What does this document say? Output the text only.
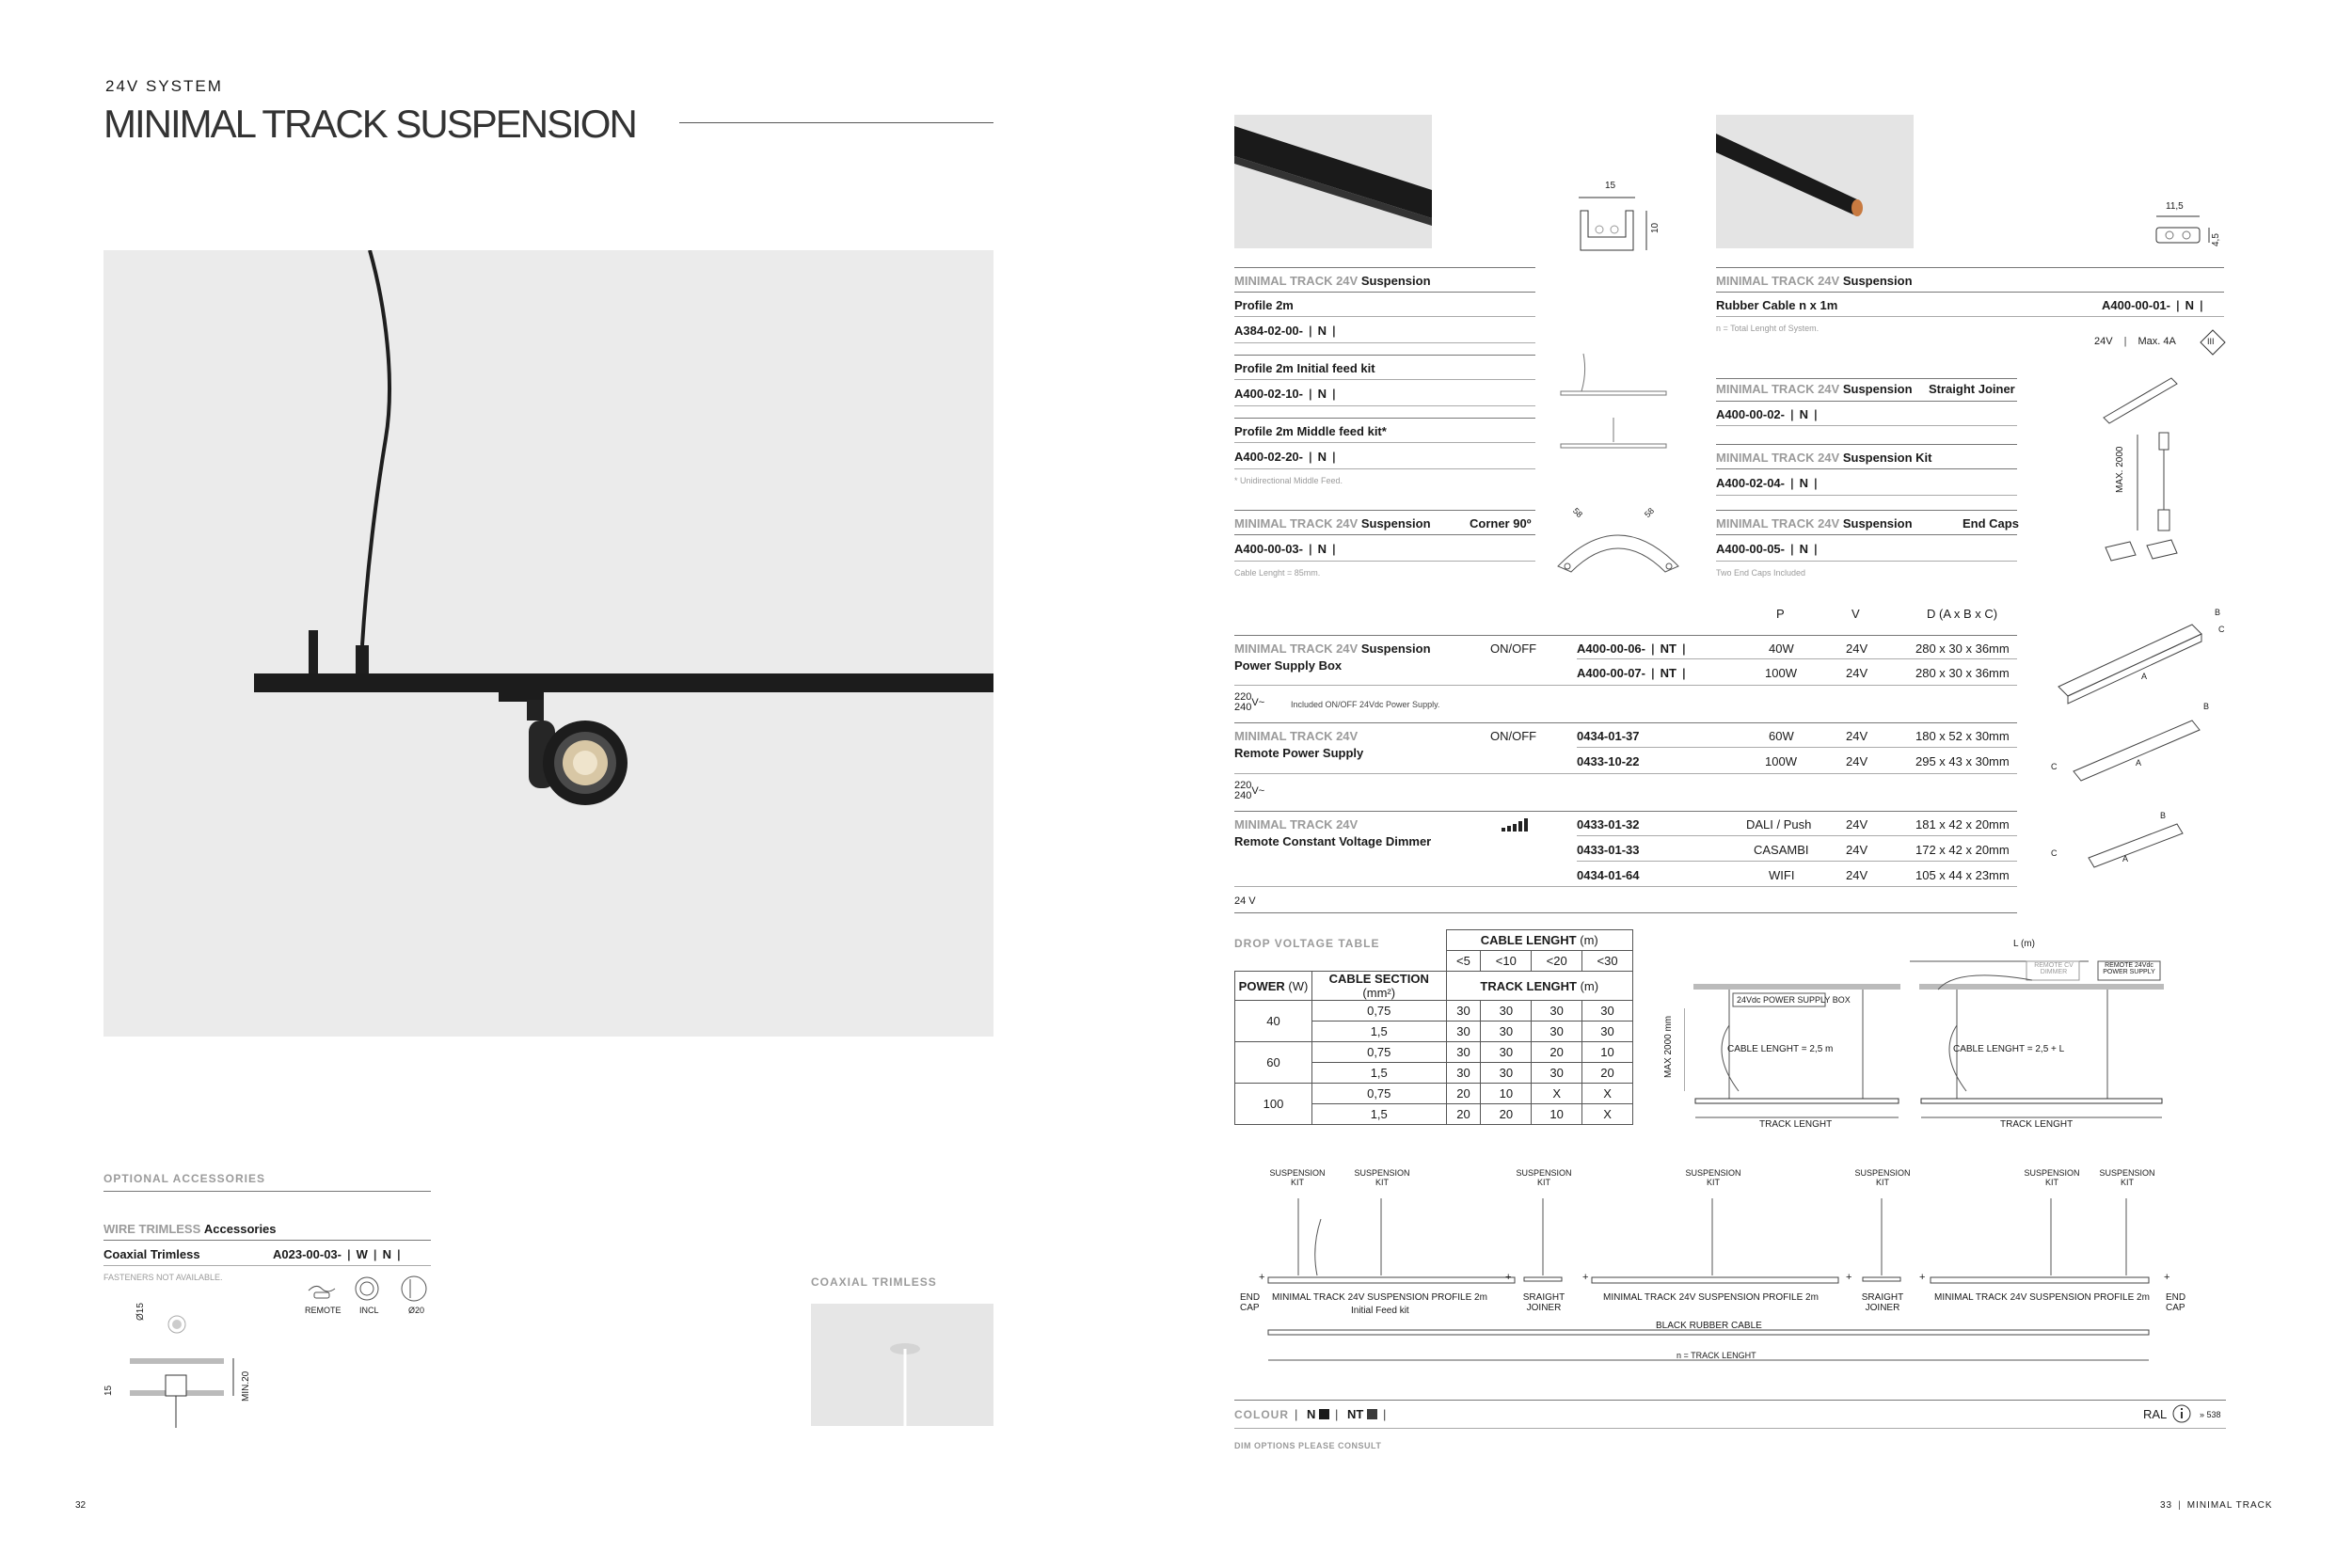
24V SYSTEM
MINIMAL TRACK SUSPENSION
OPTIONAL ACCESSORIES
WIRE TRIMLESS Accessories
Coaxial Trimless	A023-00-03- | W | N |
FASTENERS NOT AVAILABLE.
REMOTE INCL	Ø20
Ø15
15	MIN.20
COAXIAL TRIMLESS
32
15
10
11,5
4,5
MINIMAL TRACK 24V Suspension
Profile 2m
A384-02-00- | N |
Profile 2m Initial feed kit
A400-02-10- | N |
Profile 2m Middle feed kit*
A400-02-20- | N |
* Unidirectional Middle Feed.
MINIMAL TRACK 24V Suspension	Corner 90º
A400-00-03- | N |
Cable Lenght = 85mm.
58	58
MINIMAL TRACK 24V Suspension
Rubber Cable n x 1m	A400-00-01- | N |
n = Total Lenght of System.
24V | Max. 4A	III
MINIMAL TRACK 24V Suspension Straight Joiner
A400-00-02- | N |
MINIMAL TRACK 24V Suspension Kit
A400-02-04- | N |
MINIMAL TRACK 24V Suspension	End Caps
A400-00-05- | N |
Two End Caps Included
MAX. 2000
P	V	D (A x B x C)
MINIMAL TRACK 24V Suspension
Power Supply Box
ON/OFF	A400-00-06- | NT |	40W	24V	280 x 30 x 36mm
A400-00-07- | NT |	100W	24V	280 x 30 x 36mm
220V~
240	Included ON/OFF 24Vdc Power Supply.
MINIMAL TRACK 24V
Remote Power Supply
ON/OFF	0434-01-37	60W	24V	180 x 52 x 30mm
0433-10-22	100W	24V	295 x 43 x 30mm
220V~
240
MINIMAL TRACK 24V
Remote Constant Voltage Dimmer
0433-01-32	DALI / Push	24V	181 x 42 x 20mm
0433-01-33	CASAMBI	24V	172 x 42 x 20mm
0434-01-64	WIFI	24V	105 x 44 x 23mm
24 V
A
B
C
A
B
C
A
B
C
DROP VOLTAGE TABLE
			CABLE LENGHT (m)			
		<5	<10	<20	<30
POWER (W)	CABLE SECTION (mm²)	TRACK LENGHT (m)			
40	0,75	30	30	30	30
	1,5	30	30	30	30
60	0,75	30	30	20	10
	1,5	30	30	30	20
100	0,75	20	10	X	X
	1,5	20	20	10	X
MAX 2000 mm
24Vdc POWER SUPPLY BOX
CABLE LENGHT = 2,5 m
TRACK LENGHT
L (m)
REMOTE CV DIMMER
REMOTE 24Vdc POWER SUPPLY
CABLE LENGHT = 2,5 + L
TRACK LENGHT
SUSPENSION KIT
SUSPENSION KIT
SUSPENSION KIT
SUSPENSION KIT
SUSPENSION KIT
SUSPENSION KIT
SUSPENSION KIT
END CAP
MINIMAL TRACK 24V SUSPENSION PROFILE 2m
Initial Feed kit
SRAIGHT JOINER
MINIMAL TRACK 24V SUSPENSION PROFILE 2m	SRAIGHT JOINER
MINIMAL TRACK 24V SUSPENSION PROFILE 2m END CAP
BLACK RUBBER CABLE
n = TRACK LENGHT
+	+	+	+	+	+
COLOUR | N | NT |	RAL	» 538
DIM OPTIONS PLEASE CONSULT
33 | MINIMAL TRACK
